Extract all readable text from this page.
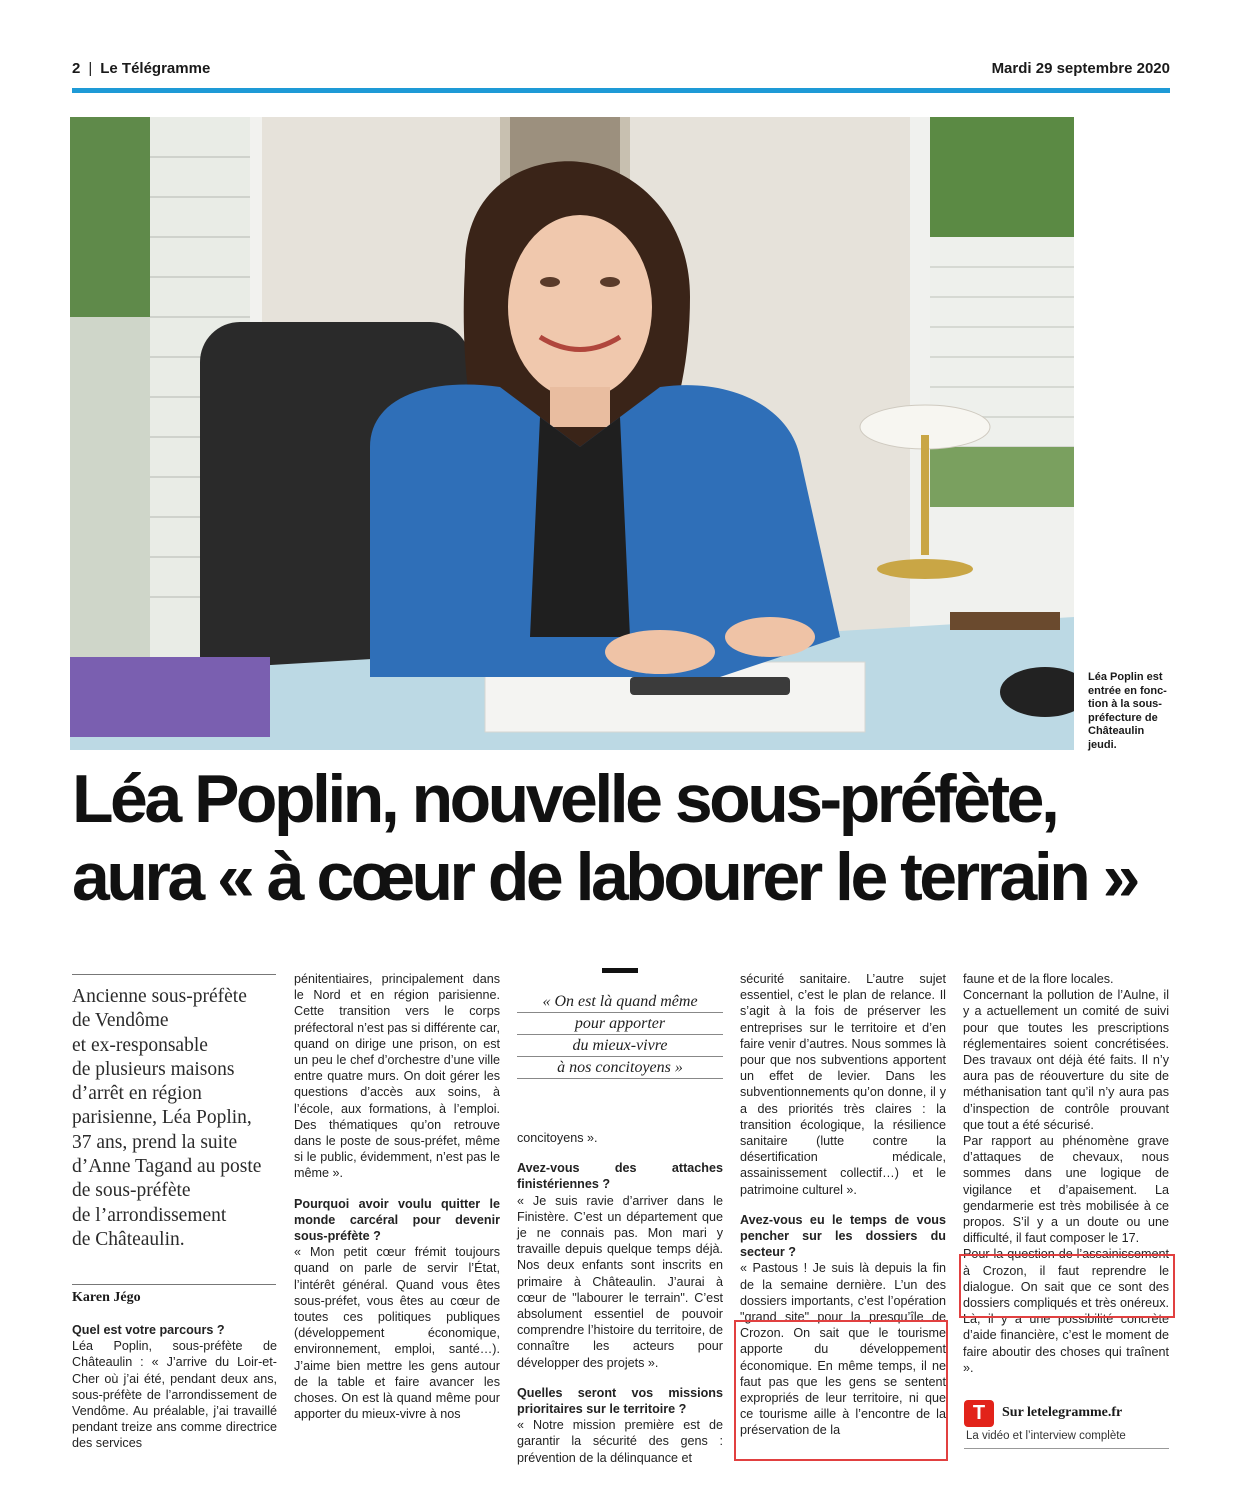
2 | Le Télégramme	Mardi 29 septembre 2020
Léa Poplin est
entrée en fonc-
tion à la sous-
préfecture de
Châteaulin
jeudi.
Léa Poplin, nouvelle sous-préfète,
aura « à cœur de labourer le terrain »
Ancienne sous-préfète
de Vendôme
et ex-responsable
de plusieurs maisons
d’arrêt en région
parisienne, Léa Poplin,
37 ans, prend la suite
d’Anne Tagand au poste
de sous-préfète
de l’arrondissement
de Châteaulin.
Karen Jégo

Quel est votre parcours ?

Léa Poplin, sous-préfète de Châteaulin : « J’arrive du Loir-et-Cher où j’ai été, pendant deux ans, sous-préfète de l’arrondissement de Vendôme. Au préalable, j’ai travaillé pendant treize ans comme directrice des services

pénitentiaires, principalement dans le Nord et en région parisienne. Cette transition vers le corps préfectoral n’est pas si différente car, quand on dirige une prison, on est un peu le chef d’orchestre d’une ville entre quatre murs. On doit gérer les questions d’accès aux soins, à l’école, aux formations, à l’emploi. Des thématiques qu’on retrouve dans le poste de sous-préfet, même si le public, évidemment, n’est pas le même ».

Pourquoi avoir voulu quitter le monde carcéral pour devenir sous-préfète ?

« Mon petit cœur frémit toujours quand on parle de servir l’État, l’intérêt général. Quand vous êtes sous-préfet, vous êtes au cœur de toutes ces politiques publiques (développement économique, environnement, emploi, santé…). J’aime bien mettre les gens autour de la table et faire avancer les choses. On est là quand même pour apporter du mieux-vivre à nos

« On est là quand même
pour apporter
du mieux-vivre
à nos concitoyens »

concitoyens ».

Avez-vous des attaches finistériennes ?

« Je suis ravie d’arriver dans le Finistère. C’est un département que je ne connais pas. Mon mari y travaille depuis quelque temps déjà. Nos deux enfants sont inscrits en primaire à Châteaulin. J’aurai à cœur de "labourer le terrain". C’est absolument essentiel de pouvoir comprendre l’histoire du territoire, de connaître les acteurs pour développer des projets ».

Quelles seront vos missions prioritaires sur le territoire ?

« Notre mission première est de garantir la sécurité des gens : prévention de la délinquance et

sécurité sanitaire. L’autre sujet essentiel, c’est le plan de relance. Il s’agit à la fois de préserver les entreprises sur le territoire et d’en faire venir d’autres. Nous sommes là pour que nos subventions apportent un effet de levier. Dans les subventionnements qu’on donne, il y a des priorités très claires : la transition écologique, la résilience sanitaire (lutte contre la désertification médicale, assainissement collectif…) et le patrimoine culturel ».

Avez-vous eu le temps de vous pencher sur les dossiers du secteur ?

« Pastous ! Je suis là depuis la fin de la semaine dernière. L’un des dossiers importants, c’est l’opération "grand site" pour la presqu’île de Crozon. On sait que le tourisme apporte du développement économique. En même temps, il ne faut pas que les gens se sentent expropriés de leur territoire, ni que ce tourisme aille à l’encontre de la préservation de la

faune et de la flore locales.

Concernant la pollution de l’Aulne, il y a actuellement un comité de suivi pour que toutes les prescriptions réglementaires soient concrétisées. Des travaux ont déjà été faits. Il n’y aura pas de réouverture du site de méthanisation tant qu’il n’y aura pas d’inspection de contrôle prouvant que tout a été sécurisé.

Par rapport au phénomène grave d’attaques de chevaux, nous sommes dans une logique de vigilance et d’apaisement. La gendarmerie est très mobilisée à ce propos. S’il y a un doute ou une difficulté, il faut composer le 17.

Pour la question de l’assainissement à Crozon, il faut reprendre le dialogue. On sait que ce sont des dossiers compliqués et très onéreux. Là, il y a une possibilité concrète d’aide financière, c’est le moment de faire aboutir des choses qui traînent ».

T	Sur letelegramme.fr
La vidéo et l’interview complète
